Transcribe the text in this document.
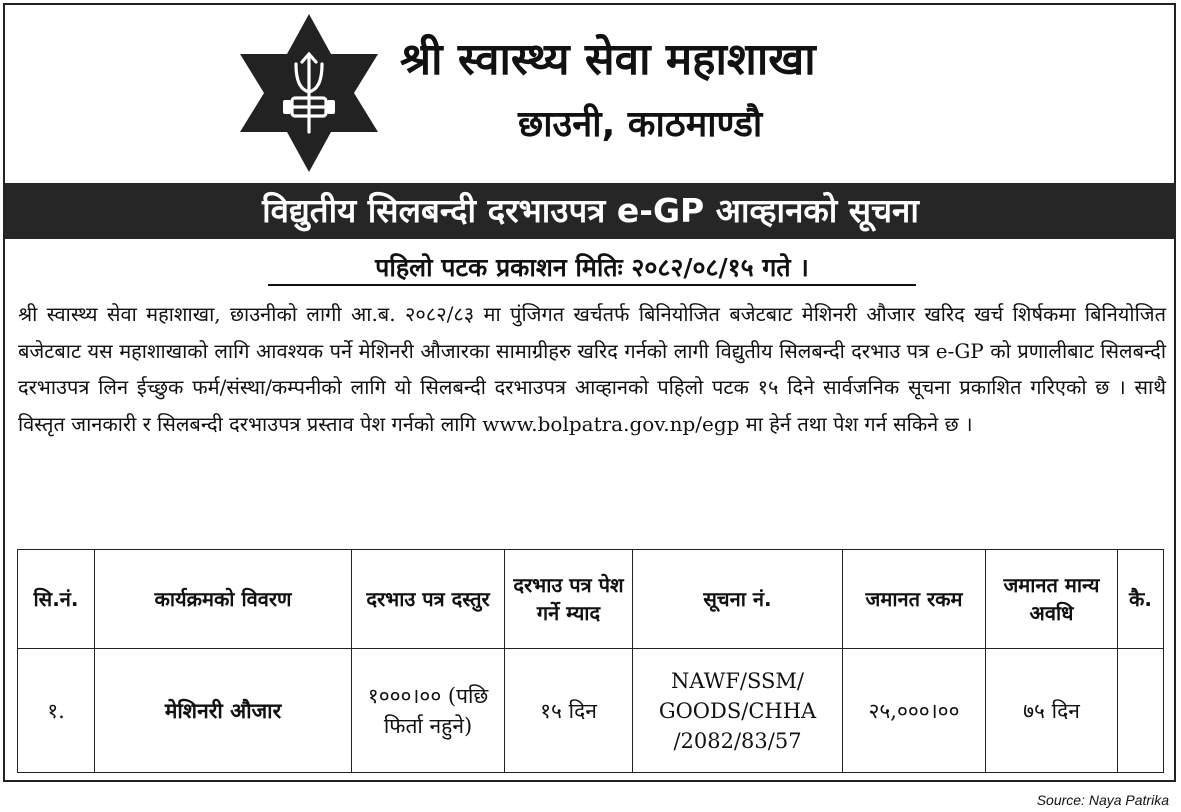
श्री स्वास्थ्य सेवा महाशाखा
छाउनी, काठमाण्डौ
विद्युतीय सिलबन्दी दरभाउपत्र e-GP आव्हानको सूचना
पहिलो पटक प्रकाशन मितिः २०८२/०८/१५ गते ।
श्री स्वास्थ्य सेवा महाशाखा, छाउनीको लागी आ.ब. २०८२/८३ मा पुंजिगत खर्चतर्फ बिनियोजित बजेटबाट मेशिनरी औजार खरिद खर्च शिर्षकमा बिनियोजित बजेटबाट यस महाशाखाको लागि आवश्यक पर्ने मेशिनरी औजारका सामाग्रीहरु खरिद गर्नको लागी विद्युतीय सिलबन्दी दरभाउ पत्र e-GP को प्रणालीबाट सिलबन्दी दरभाउपत्र लिन ईच्छुक फर्म/संस्था/कम्पनीको लागि यो सिलबन्दी दरभाउपत्र आव्हानको पहिलो पटक १५ दिने सार्वजनिक सूचना प्रकाशित गरिएको छ । साथै विस्तृत जानकारी र सिलबन्दी दरभाउपत्र प्रस्ताव पेश गर्नको लागि www.bolpatra.gov.np/egp मा हेर्न तथा पेश गर्न सकिने छ ।
सि.नं.	कार्यक्रमको विवरण	दरभाउ पत्र दस्तुर	दरभाउ पत्र पेश गर्ने म्याद	सूचना नं.	जमानत रकम	जमानत मान्य अवधि	कै.
१.	मेशिनरी औजार	१०००।०० (पछि फिर्ता नहुने)	१५ दिन	NAWF/SSM/ GOODS/CHHA /2082/83/57	२५,०००।००	७५ दिन	
Source: Naya Patrika
